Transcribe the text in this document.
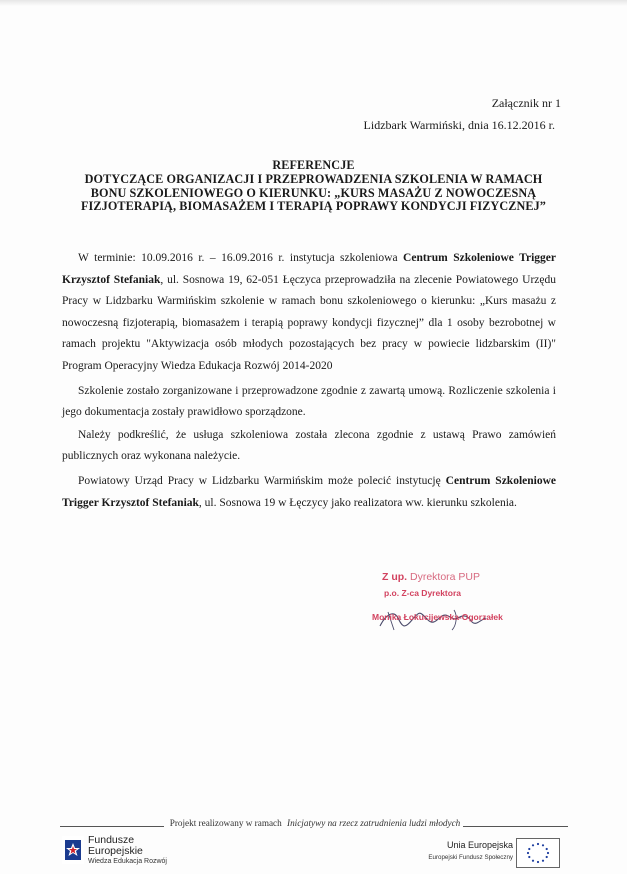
Załącznik nr 1
Lidzbark Warmiński, dnia 16.12.2016 r.
REFERENCJE
DOTYCZĄCE ORGANIZACJI I PRZEPROWADZENIA SZKOLENIA W RAMACH
BONU SZKOLENIOWEGO O KIERUNKU: „KURS MASAŻU Z NOWOCZESNĄ
FIZJOTERAPIĄ, BIOMASAŻEM I TERAPIĄ POPRAWY KONDYCJI FIZYCZNEJ”

W terminie: 10.09.2016 r. – 16.09.2016 r. instytucja szkoleniowa Centrum Szkoleniowe Trigger Krzysztof Stefaniak, ul. Sosnowa 19, 62-051 Łęczyca przeprowadziła na zlecenie Powiatowego Urzędu Pracy w Lidzbarku Warmińskim szkolenie w ramach bonu szkoleniowego o kierunku: „Kurs masażu z nowoczesną fizjoterapią, biomasażem i terapią poprawy kondycji fizycznej” dla 1 osoby bezrobotnej w ramach projektu "Aktywizacja osób młodych pozostających bez pracy w powiecie lidzbarskim (II)" Program Operacyjny Wiedza Edukacja Rozwój 2014-2020

Szkolenie zostało zorganizowane i przeprowadzone zgodnie z zawartą umową. Rozliczenie szkolenia i jego dokumentacja zostały prawidłowo sporządzone.

Należy podkreślić, że usługa szkoleniowa została zlecona zgodnie z ustawą Prawo zamówień publicznych oraz wykonana należycie.

Powiatowy Urząd Pracy w Lidzbarku Warmińskim może polecić instytucję Centrum Szkoleniowe Trigger Krzysztof Stefaniak, ul. Sosnowa 19 w Łęczycy jako realizatora ww. kierunku szkolenia.

Z up. Dyrektora PUP
p.o. Z-ca Dyrektora
Monika Łokucijewska-Ogorzałek
Projekt realizowany w ramach Inicjatywy na rzecz zatrudnienia ludzi młodych
Fundusze
Europejskie
Wiedza Edukacja Rozwój
Unia Europejska
Europejski Fundusz Społeczny
